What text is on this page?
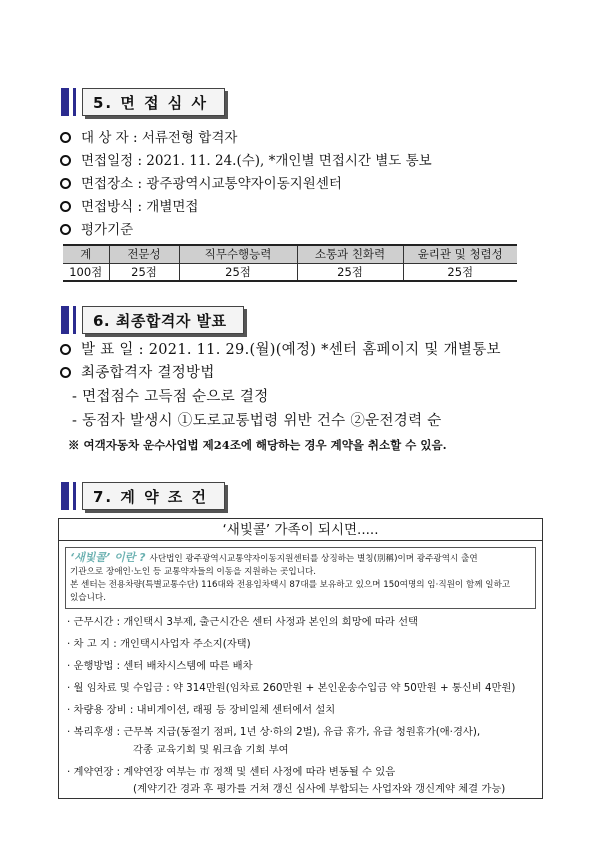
5. 면 접 심 사
대 상 자 : 서류전형 합격자
면접일정 : 2021. 11. 24.(수), *개인별 면접시간 별도 통보
면접장소 : 광주광역시교통약자이동지원센터
면접방식 : 개별면접
평가기준
계	전문성	직무수행능력	소통과 친화력	윤리관 및 청렴성
100점	25점	25점	25점	25점
6. 최종합격자 발표
발 표 일 : 2021. 11. 29.(월)(예정) *센터 홈페이지 및 개별통보
최종합격자 결정방법
- 면접점수 고득점 순으로 결정
- 동점자 발생시 ①도로교통법령 위반 건수 ②운전경력 순
※ 여객자동차 운수사업법 제24조에 해당하는 경우 계약을 취소할 수 있음.
7. 계 약 조 건
‘새빛콜’ 가족이 되시면.....
‘새빛콜’ 이란 ? 사단법인 광주광역시교통약자이동지원센터를 상징하는 별칭(別稱)이며 광주광역시 출연
기관으로 장애인·노인 등 교통약자들의 이동을 지원하는 곳입니다.
본 센터는 전용차량(특별교통수단) 116대와 전용임차택시 87대를 보유하고 있으며 150여명의 임·직원이 함께 일하고
있습니다.
· 근무시간 : 개인택시 3부제, 출근시간은 센터 사정과 본인의 희망에 따라 선택
· 차 고 지 : 개인택시사업자 주소지(자택)
· 운행방법 : 센터 배차시스템에 따른 배차
· 월 임차료 및 수입금 : 약 314만원(임차료 260만원 + 본인운송수입금 약 50만원 + 통신비 4만원)
· 차량용 장비 : 내비게이션, 래핑 등 장비일체 센터에서 설치
· 복리후생 : 근무복 지급(동절기 점퍼, 1년 상·하의 2벌), 유급 휴가, 유급 청원휴가(애·경사),
각종 교육기회 및 워크숍 기회 부여
· 계약연장 : 계약연장 여부는 市 정책 및 센터 사정에 따라 변동될 수 있음
(계약기간 경과 후 평가를 거쳐 갱신 심사에 부합되는 사업자와 갱신계약 체결 가능)
